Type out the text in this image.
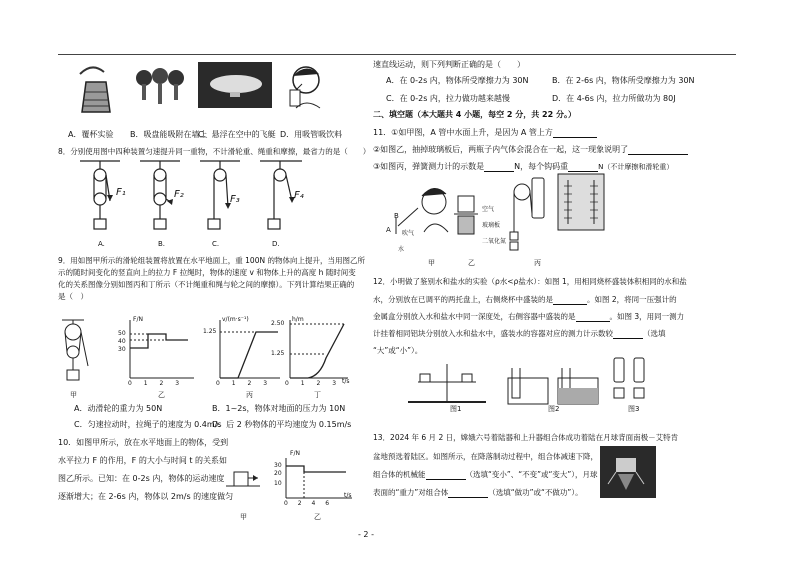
A．覆杯实验 B．吸盘能吸附在墙上
C．悬浮在空中的飞艇 D．用吸管吸饮料
8．分别使用图中四种装置匀速提升同一重物，不计滑轮重、绳重和摩擦，最省力的是（　　）
F₁	F₂	F₃	F₄
A.	B.	C.	D.
9．用如图甲所示的滑轮组装置将放置在水平地面上，重 100N 的物体向上提升，当用图乙所
示的随时间变化的竖直向上的拉力 F 拉绳时，物体的速度 v 和物体上升的高度 h 随时间变
化的关系图像分别如图丙和丁所示（不计绳重和绳与轮之间的摩擦）。下列计算结果正确的
是（　）
F/N	v/(m·s⁻¹)	h/m
50
40
30
1.25
2.50
1.25
0 1 2 3	0 1 2 3	0 1 2 3 t/s
甲	乙	丙	丁
A．动滑轮的重力为 50N	B．1~2s，物体对地面的压力为 10N
C．匀速拉动时，拉绳子的速度为 0.4m/s
D．后 2 秒物体的平均速度为 0.15m/s
10．如图甲所示，放在水平地面上的物体，受到
水平拉力 F 的作用，F 的大小与时间 t 的关系如
图乙所示。已知：在 0-2s 内，物体的运动速度
逐渐增大；在 2-6s 内，物体以 2m/s 的速度做匀
F/N
30
20
10
0 2 4 6
t/s
甲	乙
速直线运动，则下列判断正确的是（　　）
A．在 0-2s 内，物体所受摩擦力为 30N	B．在 2-6s 内，物体所受摩擦力为 30N
C．在 0-2s 内，拉力做功越来越慢	D．在 4-6s 内，拉力所做功为 80J
二、填空题（本大题共 4 小题，每空 2 分，共 22 分。）
11．①如甲图，A 管中水面上升，是因为 A 管上方
②如图乙，抽掉玻璃板后，两瓶子内气体会混合在一起，这一现象说明了
③如图丙，弹簧测力计的示数是	N，每个钩码重	N（不计摩擦和滑轮重）
B
A 吹气
水
空气
玻璃板
二氧化氮
甲	乙	丙
12．小明做了鉴别水和盐水的实验（ρ水<ρ盐水）：如图 1，用相同烧杯盛装体积相同的水和盐
水，分别放在已调平的两托盘上，右侧烧杯中盛装的是	。如图 2，将同一压强计的
金属盒分别放入水和盐水中同一深度处，右侧容器中盛装的是	。如图 3，用同一测力
计挂着相同铝块分别放入水和盐水中，盛装水的容器对应的测力计示数较	（选填
“大”或“小”）。
图1	图2	图3
13．2024 年 6 月 2 日，嫦娥六号着陆器和上升器组合体成功着陆在月球背面南极－艾特肯
盆地预选着陆区。如图所示，在降落制动过程中，组合体减速下降，
组合体的机械能	（选填“变小”、“不变”或“变大”），月球
表面的“重力”对组合体	（选填“做功”或“不做功”）。
- 2 -
